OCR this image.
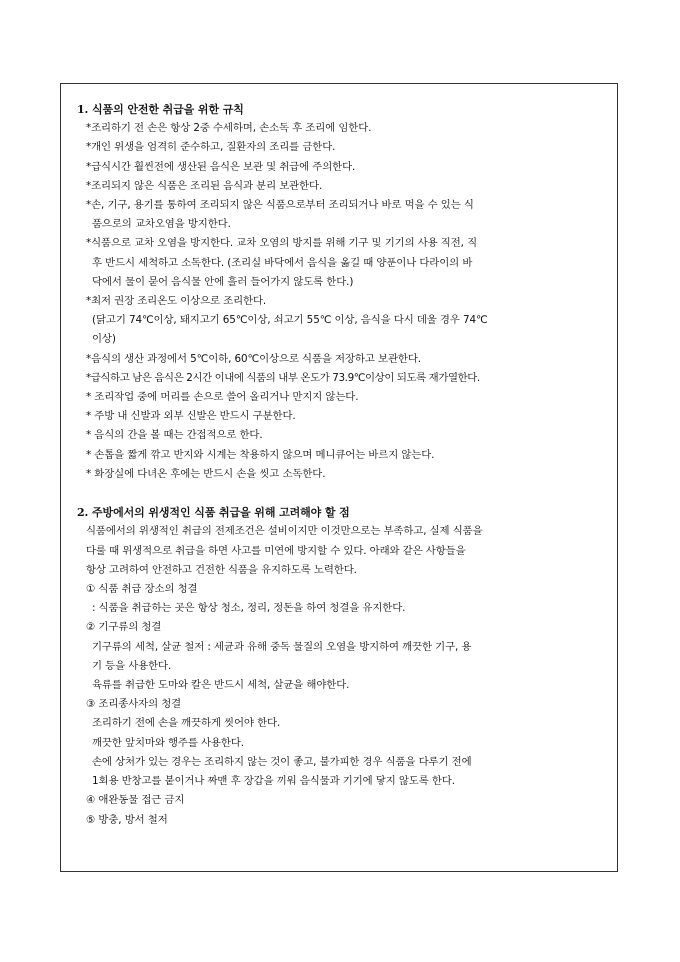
1. 식품의 안전한 취급을 위한 규칙
*조리하기 전 손은 항상 2중 수세하며, 손소독 후 조리에 임한다.
*개인 위생을 엄격히 준수하고, 질환자의 조리를 금한다.
*급식시간 훨씬전에 생산된 음식은 보관 및 취급에 주의한다.
*조리되지 않은 식품은 조리된 음식과 분리 보관한다.
*손, 기구, 용기를 통하여 조리되지 않은 식품으로부터 조리되거나 바로 먹을 수 있는 식
품으로의 교차오염을 방지한다.
*식품으로 교차 오염을 방지한다. 교차 오염의 방지를 위해 기구 및 기기의 사용 직전, 직
후 반드시 세척하고 소독한다. (조리실 바닥에서 음식을 옮길 때 양푼이나 다라이의 바
닥에서 물이 묻어 음식물 안에 흘러 들어가지 않도록 한다.)
*최저 권장 조리온도 이상으로 조리한다.
(닭고기 74℃이상, 돼지고기 65℃이상, 쇠고기 55℃ 이상, 음식을 다시 데울 경우 74℃
이상)
*음식의 생산 과정에서 5℃이하, 60℃이상으로 식품을 저장하고 보관한다.
*급식하고 남은 음식은 2시간 이내에 식품의 내부 온도가 73.9℃이상이 되도록 재가열한다.
* 조리작업 중에 머리를 손으로 쓸어 올리거나 만지지 않는다.
* 주방 내 신발과 외부 신발은 반드시 구분한다.
* 음식의 간을 볼 때는 간접적으로 한다.
* 손톱을 짧게 깎고 반지와 시계는 착용하지 않으며 메니큐어는 바르지 않는다.
* 화장실에 다녀온 후에는 반드시 손을 씻고 소독한다.
2. 주방에서의 위생적인 식품 취급을 위해 고려해야 할 점
식품에서의 위생적인 취급의 전제조건은 설비이지만 이것만으로는 부족하고, 실제 식품을
다룰 때 위생적으로 취급을 하면 사고를 미연에 방지할 수 있다. 아래와 같은 사항들을
항상 고려하여 안전하고 건전한 식품을 유지하도록 노력한다.
① 식품 취급 장소의 청결
: 식품을 취급하는 곳은 항상 청소, 정리, 정돈을 하여 청결을 유지한다.
② 기구류의 청결
기구류의 세척, 살균 철저 : 세균과 유해 중독 물질의 오염을 방지하여 깨끗한 기구, 용
기 등을 사용한다.
육류를 취급한 도마와 칼은 반드시 세척, 살균을 해야한다.
③ 조리종사자의 청결
조리하기 전에 손을 깨끗하게 씻어야 한다.
깨끗한 앞치마와 행주를 사용한다.
손에 상처가 있는 경우는 조리하지 않는 것이 좋고, 불가피한 경우 식품을 다루기 전에
1회용 반창고를 붙이거나 짜맨 후 장갑을 끼워 음식물과 기기에 닿지 않도록 한다.
④ 애완동물 접근 금지
⑤ 방충, 방서 철저
